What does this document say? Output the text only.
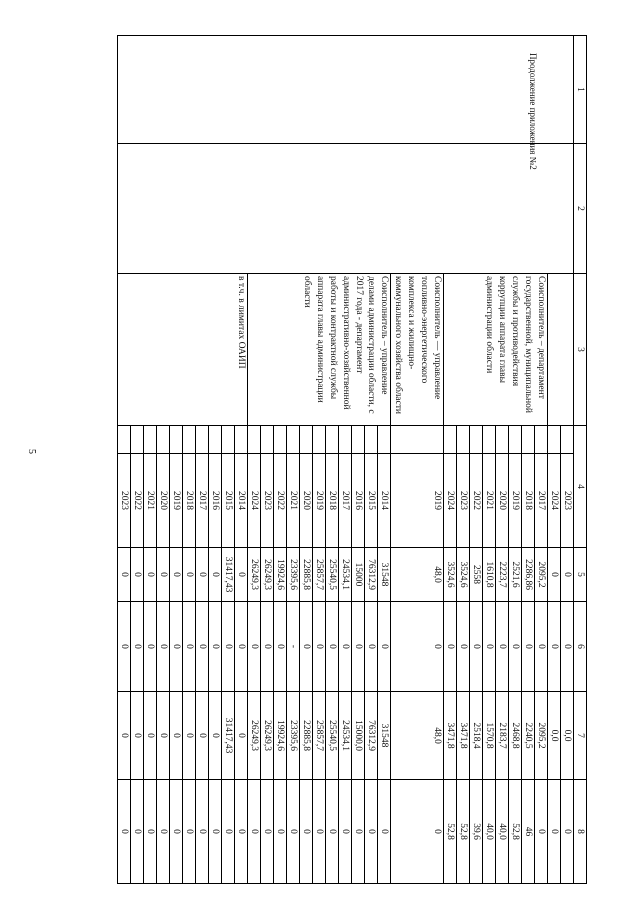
Продолжение приложения №2
5
1	2	3	4		5	6	7	8	
				2023	0	0	0,0	0	
				2024	0	0	0,0	0	
		Соисполнитель – департамент государственной, муниципальной службы и противодействия коррупции аппарата главы администрации области		2017	2095,2	0	2095,2	0	
				2018	2286,86	0	2240,5	46	
				2019	2521,6	0	2468,8	52,8	
				2020	2223,7	0	2183,7	40,0	
				2021	1610,8	0	1570,8	40,0	
				2022	2558	0	2518,4	39,6	
				2023	3524,6	0	3471,8	52,8	
				2024	3524,6	0	3471,8	52,8	
		Соисполнитель — управление топливно-энергетического комплекса и жилищно-коммунального хозяйства области		2019	48,0	0	48,0	0	
		Соисполнитель – управление делами администрации области, с 2017 года - департамент административно-хозяйственной работы и контрактной службы аппарата главы администрации области		2014	31548	0	31548	0	
				2015	76312,9	0	76312,9	0	
				2016	15000	0	15000,0	0	
				2017	24534,1	0	24534,1	0	
				2018	25540,5	0	25540,5	0	
				2019	25857,7	0	25857,7	0	
				2020	22885,8	0	22885,8	0	
				2021	23395,6	-	23395,6	0	
				2022	19924,6	0	19924,6	0	
				2023	26249,3	0	26249,3	0	
				2024	26249,3	0	26249,3	0	
		в т.ч. в лимитах ОАИП		2014	0	0	0	0	
				2015	31417,43	0	31417,43	0	
				2016	0	0	0	0	
				2017	0	0	0	0	
				2018	0	0	0	0	
				2019	0	0	0	0	
				2020	0	0	0	0	
				2021	0	0	0	0	
				2022	0	0	0	0	
				2023	0	0	0	0	
